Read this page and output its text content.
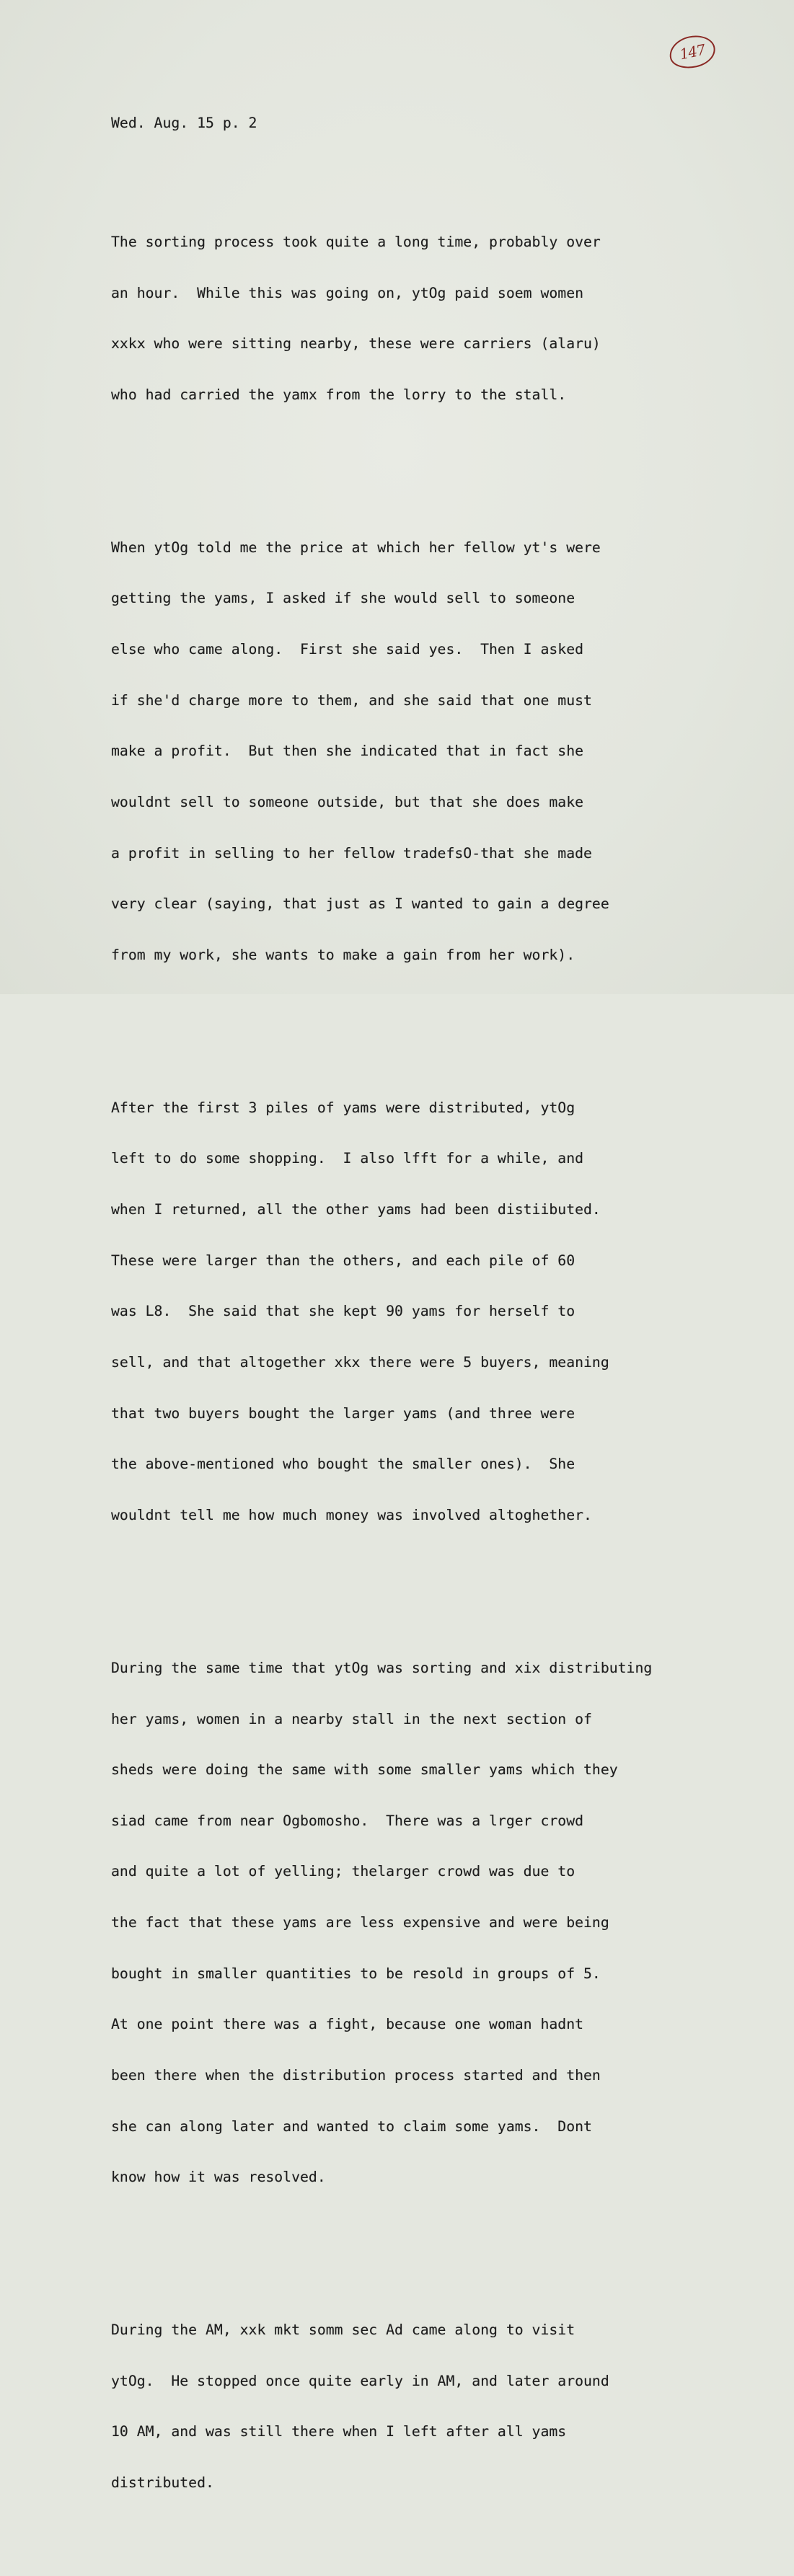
147

Wed. Aug. 15 p. 2

The sorting process took quite a long time, probably over

an hour.  While this was going on, ytOg paid soem women

xxkx who were sitting nearby, these were carriers (alaru)

who had carried the yamx from the lorry to the stall.

When ytOg told me the price at which her fellow yt's were

getting the yams, I asked if she would sell to someone

else who came along.  First she said yes.  Then I asked

if she'd charge more to them, and she said that one must

make a profit.  But then she indicated that in fact she

wouldnt sell to someone outside, but that she does make

a profit in selling to her fellow tradefsO-that she made

very clear (saying, that just as I wanted to gain a degree

from my work, she wants to make a gain from her work).

After the first 3 piles of yams were distributed, ytOg

left to do some shopping.  I also lfft for a while, and

when I returned, all the other yams had been distiibuted.

These were larger than the others, and each pile of 60

was L8.  She said that she kept 90 yams for herself to

sell, and that altogether xkx there were 5 buyers, meaning

that two buyers bought the larger yams (and three were

the above-mentioned who bought the smaller ones).  She

wouldnt tell me how much money was involved altoghether.

During the same time that ytOg was sorting and xix distributing

her yams, women in a nearby stall in the next section of

sheds were doing the same with some smaller yams which they

siad came from near Ogbomosho.  There was a lrger crowd

and quite a lot of yelling; thelarger crowd was due to

the fact that these yams are less expensive and were being

bought in smaller quantities to be resold in groups of 5.

At one point there was a fight, because one woman hadnt

been there when the distribution process started and then

she can along later and wanted to claim some yams.  Dont

know how it was resolved.

During the AM, xxk mkt somm sec Ad came along to visit

ytOg.  He stopped once quite early in AM, and later around

10 AM, and was still there when I left after all yams

distributed.
